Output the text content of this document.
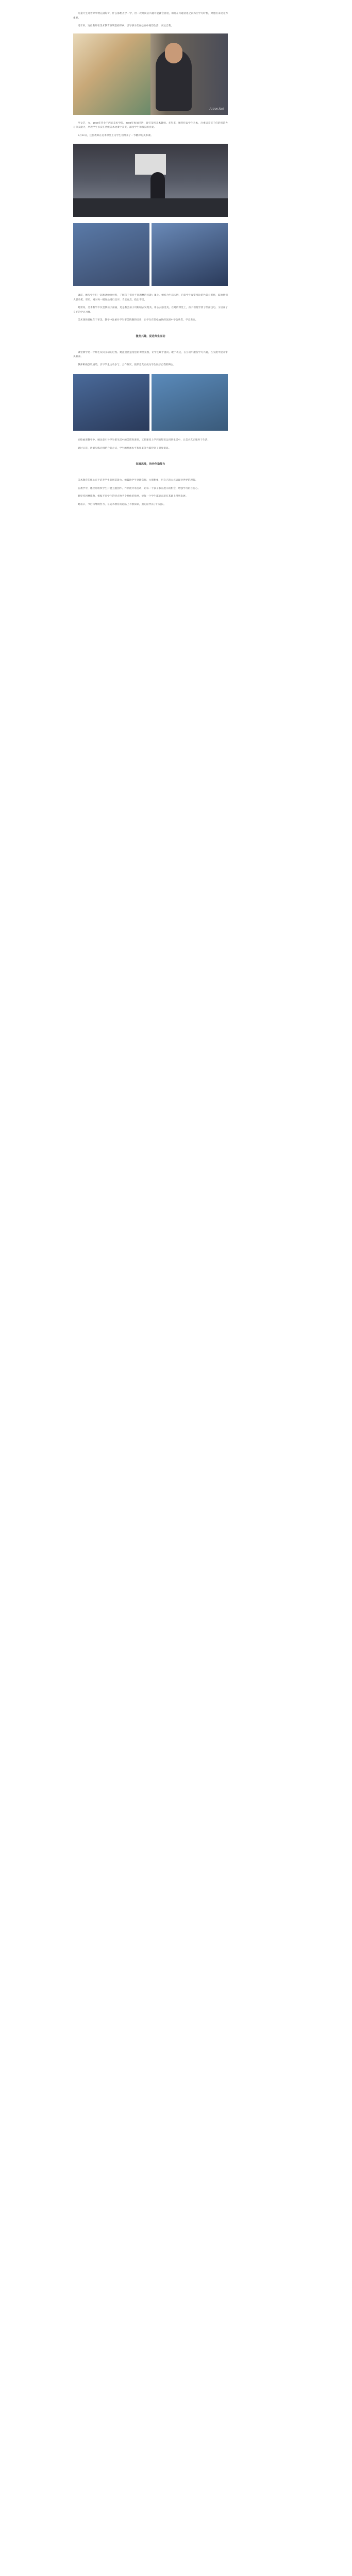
儿童天生对世界事物充满好奇，什么都想去学一学，但一段时间后兴趣可能就会消退，如何在兴趣消退之前抓住学习时机，对他们来说尤为重要。

近年来，这位教师在美术教育领域坚持探索，引导孩子们在绘画中观察生活、表达自我。

Artron.Net

罗文艺，女，1966年毕业于西安美术学院。2004年参加民进，现任某校美术教师。多年来，她坚持以学生为本，注重培养孩子们的创造力与审美能力，所教学生多次在各级美术比赛中获奖，深受学生和家长的喜爱。

5月22日，这位教师在美术课堂上为学生们带来了一节精彩的美术课。

课前，她与学生们一起准备绘画材料，了解孩子们对不同题材的兴趣；课上，她结合生活实例，启发学生观察身边的色彩与形状，鼓励他们大胆动笔；课后，她对每一幅作品进行点评，肯定亮点、指出不足。

她常说，美术教学不仅是教孩子画画，更是教会孩子用眼睛去发现美、用心去感受美。在她的课堂上，孩子们既学到了绘画技巧，又培养了良好的学习习惯。

美术课的目标在于审美。教学中注重对学生审美情趣的培养，让学生在轻松愉快的氛围中学会欣赏、学会表达。

激发兴趣，促进师生互动

课堂教学是一个师生双向互动的过程。她注重营造宽松的课堂氛围，让学生敢于提问、敢于表达，在互动中激发学习兴趣，在交流中提升审美素养。

教师积极创设情境，引导学生主动参与、合作探究，使课堂真正成为学生展示自我的舞台。

在绘画课教学中，她注意引导学生把生活中的美带进课堂，又把课堂上学到的知识运用到生活中，让美术真正服务于生活。

通过示范、讲解与练习相结合的方式，学生的绘画水平和审美能力都得到了明显提高。

拓展思维，培养创造能力

美术教育的核心在于培养学生的创造能力。她鼓励学生突破常规、大胆想象，用自己的方式表现对世界的理解。

在教学中，她经常组织学生开展主题创作、作品展评等活动，让每一个孩子都有展示的机会，增强学习的自信心。

她坚持因材施教，根据不同学生的特点给予个性化的指导，使每一个学生都能在原有基础上得到发展。

她表示，今后将继续努力，在美术教育的道路上不断探索，用心陪伴孩子们成长。
